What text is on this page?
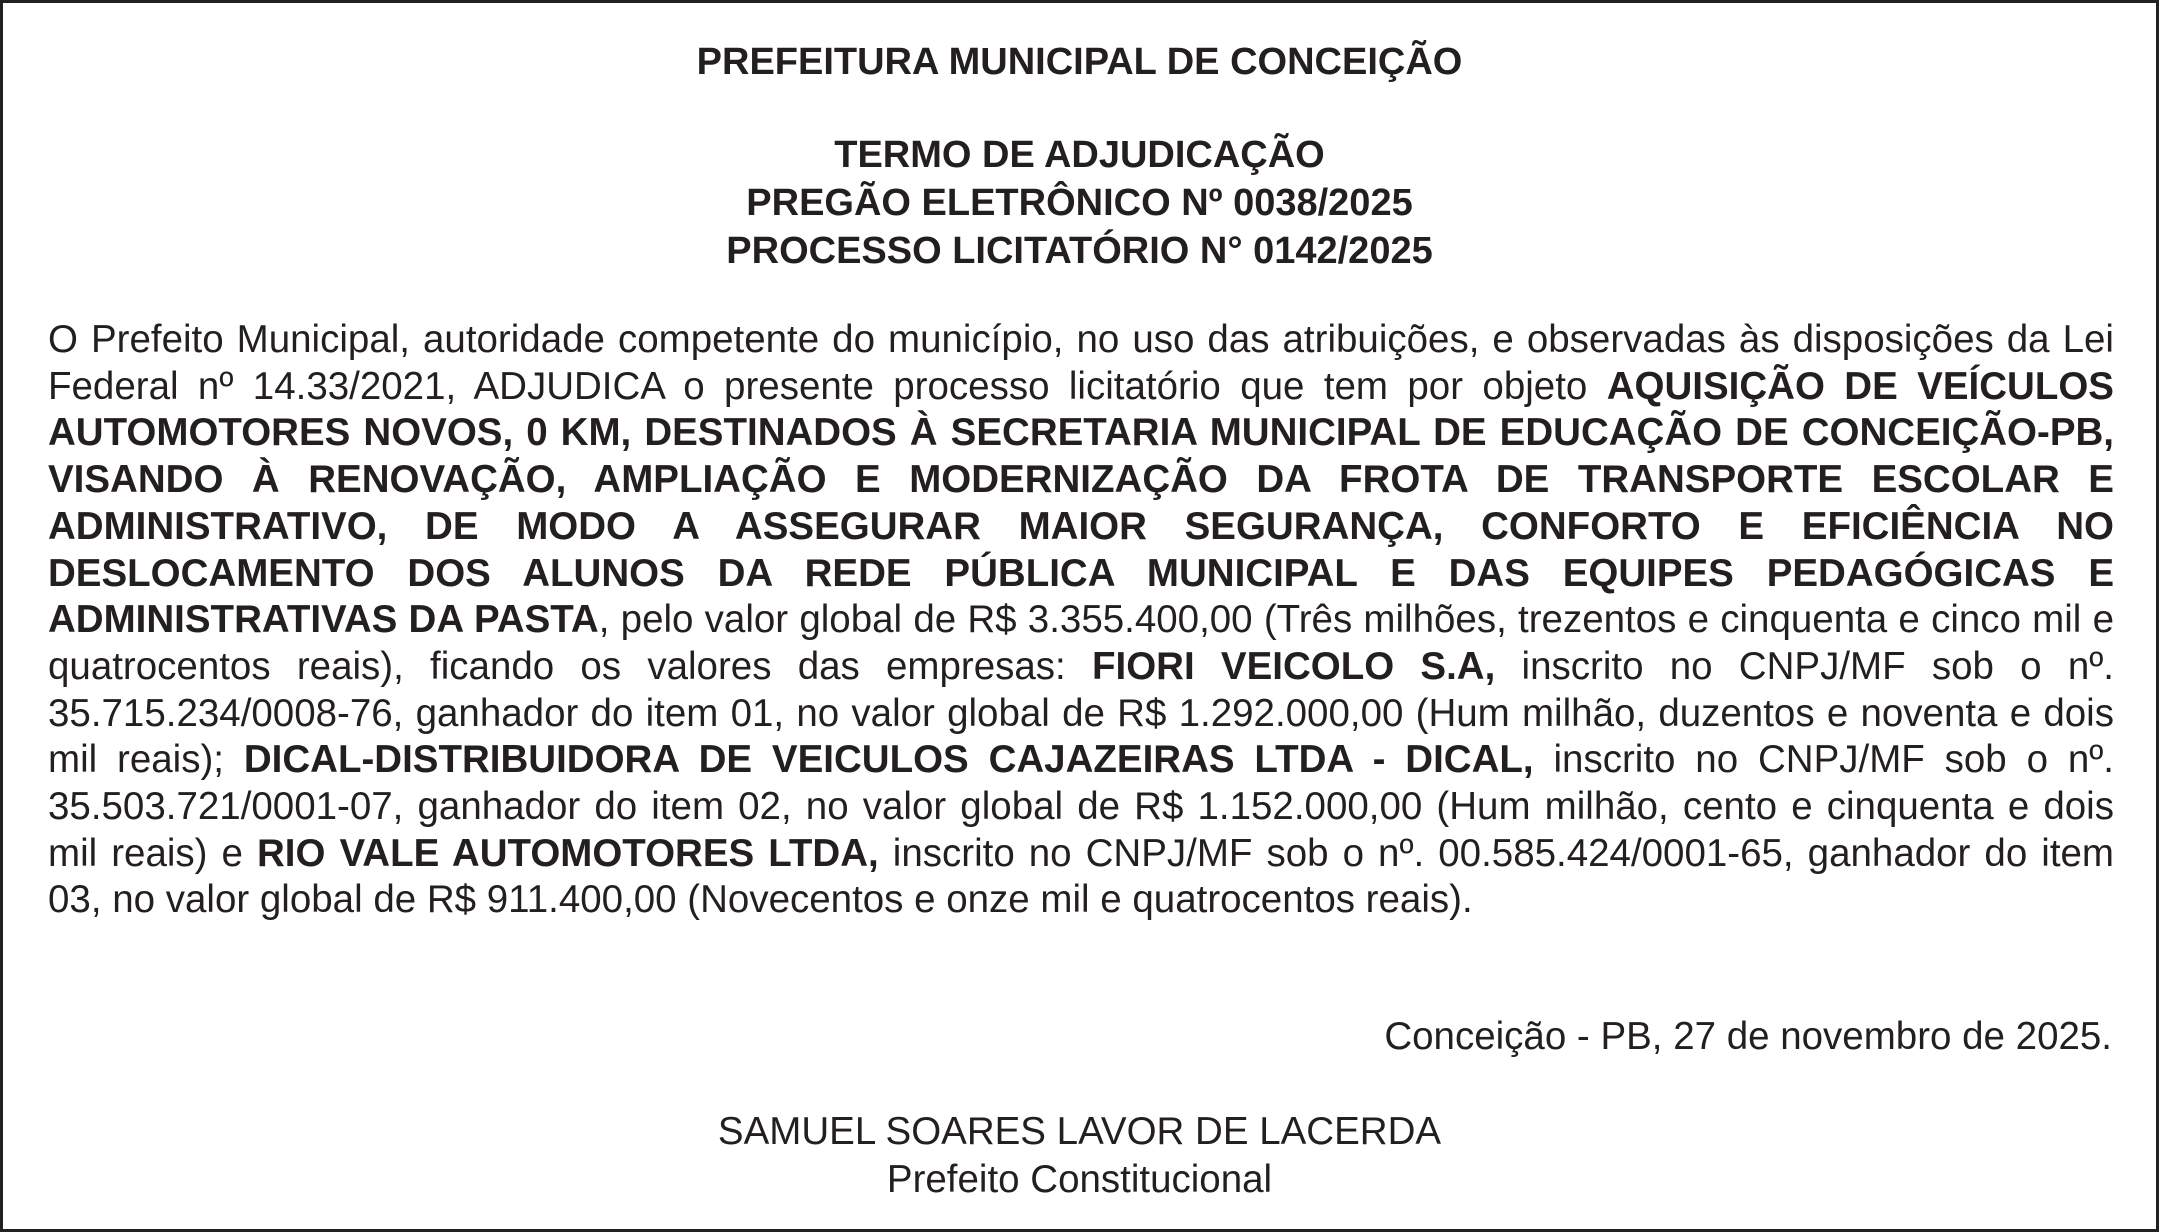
PREFEITURA MUNICIPAL DE CONCEIÇÃO
TERMO DE ADJUDICAÇÃO
PREGÃO ELETRÔNICO Nº 0038/2025
PROCESSO LICITATÓRIO N° 0142/2025

O Prefeito Municipal, autoridade competente do município, no uso das atribuições, e observadas às disposições da Lei Federal nº 14.33/2021, ADJUDICA o presente processo licitatório que tem por objeto AQUISIÇÃO DE VEÍCULOS AUTOMOTORES NOVOS, 0 KM, DESTINADOS À SECRETARIA MUNICIPAL DE EDUCAÇÃO DE CONCEIÇÃO-PB, VISANDO À RENOVAÇÃO, AMPLIAÇÃO E MODERNIZAÇÃO DA FROTA DE TRANSPORTE ESCOLAR E ADMINISTRATIVO, DE MODO A ASSEGURAR MAIOR SEGURANÇA, CONFORTO E EFICIÊNCIA NO DESLOCAMENTO DOS ALUNOS DA REDE PÚBLICA MUNICIPAL E DAS EQUIPES PEDAGÓGICAS E ADMINISTRATIVAS DA PASTA, pelo valor global de R$ 3.355.400,00 (Três milhões, trezentos e cinquenta e cinco mil e quatrocentos reais), ficando os valores das empresas: FIORI VEICOLO S.A, inscrito no CNPJ/MF sob o nº. 35.715.234/0008-76, ganhador do item 01, no valor global de R$ 1.292.000,00 (Hum milhão, duzentos e noventa e dois mil reais); DICAL-DISTRIBUIDORA DE VEICULOS CAJAZEIRAS LTDA - DICAL, inscrito no CNPJ/MF sob o nº. 35.503.721/0001-07, ganhador do item 02, no valor global de R$ 1.152.000,00 (Hum milhão, cento e cinquenta e dois mil reais) e RIO VALE AUTOMOTORES LTDA, inscrito no CNPJ/MF sob o nº. 00.585.424/0001-65, ganhador do item 03, no valor global de R$ 911.400,00 (Novecentos e onze mil e quatrocentos reais).

Conceição - PB, 27 de novembro de 2025.
SAMUEL SOARES LAVOR DE LACERDA
Prefeito Constitucional
